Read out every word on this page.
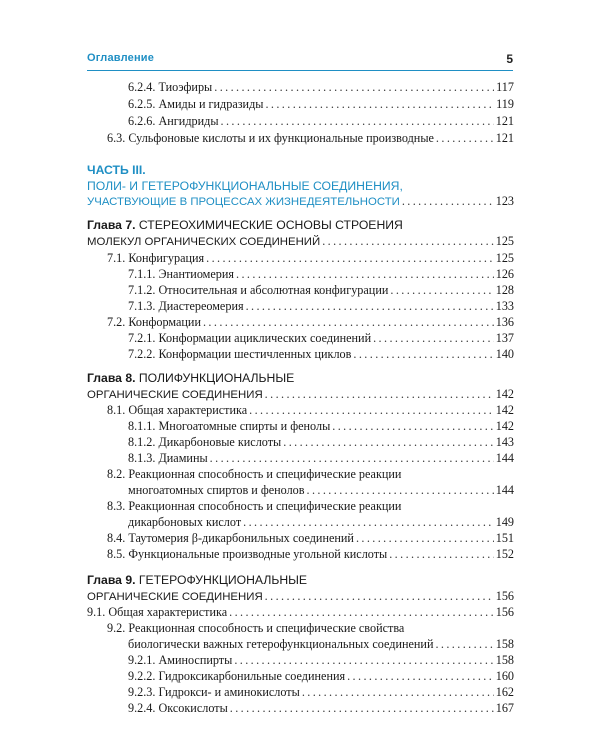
Оглавление	5
6.2.4. Тиоэфиры .....	117
6.2.5. Амиды и гидразиды .....	119
6.2.6. Ангидриды .....	121
6.3. Сульфоновые кислоты и их функциональные производные .....	121
ЧАСТЬ III.
ПОЛИ- И ГЕТЕРОФУНКЦИОНАЛЬНЫЕ СОЕДИНЕНИЯ,
УЧАСТВУЮЩИЕ В ПРОЦЕССАХ ЖИЗНЕДЕЯТЕЛЬНОСТИ .....	123
Глава 7. СТЕРЕОХИМИЧЕСКИЕ ОСНОВЫ СТРОЕНИЯ
МОЛЕКУЛ ОРГАНИЧЕСКИХ СОЕДИНЕНИЙ .....	125
7.1. Конфигурация .....	125
7.1.1. Энантиомерия .....	126
7.1.2. Относительная и абсолютная конфигурации .....	128
7.1.3. Диастереомерия .....	133
7.2. Конформации .....	136
7.2.1. Конформации ациклических соединений .....	137
7.2.2. Конформации шестичленных циклов .....	140
Глава 8. ПОЛИФУНКЦИОНАЛЬНЫЕ
ОРГАНИЧЕСКИЕ СОЕДИНЕНИЯ .....	142
8.1. Общая характеристика .....	142
8.1.1. Многоатомные спирты и фенолы .....	142
8.1.2. Дикарбоновые кислоты .....	143
8.1.3. Диамины .....	144
8.2. Реакционная способность и специфические реакции
многоатомных спиртов и фенолов .....	144
8.3. Реакционная способность и специфические реакции
дикарбоновых кислот .....	149
8.4. Таутомерия β-дикарбонильных соединений .....	151
8.5. Функциональные производные угольной кислоты .....	152
Глава 9. ГЕТЕРОФУНКЦИОНАЛЬНЫЕ
ОРГАНИЧЕСКИЕ СОЕДИНЕНИЯ .....	156
9.1. Общая характеристика .....	156
9.2. Реакционная способность и специфические свойства
биологически важных гетерофункциональных соединений .....	158
9.2.1. Аминоспирты .....	158
9.2.2. Гидроксикарбонильные соединения .....	160
9.2.3. Гидрокси- и аминокислоты .....	162
9.2.4. Оксокислоты .....	167
